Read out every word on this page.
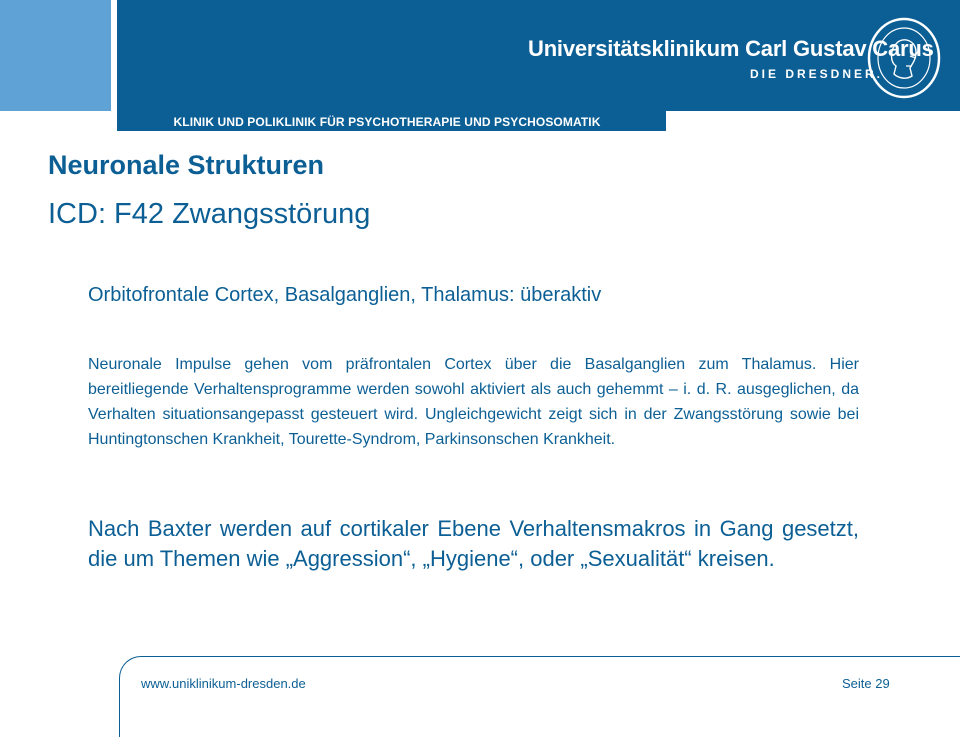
KLINIK UND POLIKLINIK FÜR PSYCHOTHERAPIE UND PSYCHOSOMATIK
Universitätsklinikum Carl Gustav Carus
DIE DRESDNER.
Neuronale Strukturen
ICD: F42 Zwangsstörung
Orbitofrontale Cortex, Basalganglien, Thalamus: überaktiv
Neuronale Impulse gehen vom präfrontalen Cortex über die Basalganglien zum Thalamus. Hier bereitliegende Verhaltensprogramme werden sowohl aktiviert als auch gehemmt – i. d. R. ausgeglichen, da Verhalten situationsangepasst gesteuert wird. Ungleichgewicht zeigt sich in der Zwangsstörung sowie bei Huntingtonschen Krankheit, Tourette-Syndrom, Parkinsonschen Krankheit.
Nach Baxter werden auf cortikaler Ebene Verhaltensmakros in Gang gesetzt, die um Themen wie „Aggression“, „Hygiene“, oder „Sexualität“ kreisen.
www.uniklinikum-dresden.de	Seite 29
